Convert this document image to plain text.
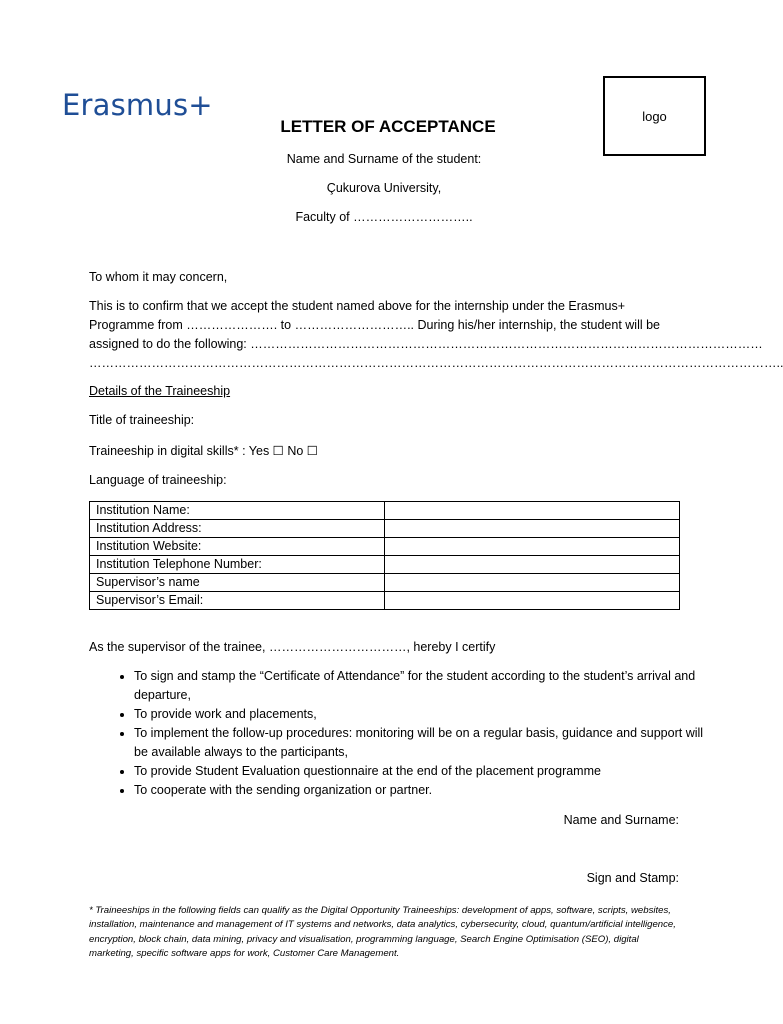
Erasmus+	logo
LETTER OF ACCEPTANCE
Name and Surname of the student:
Çukurova University,
Faculty of ………………………..
To whom it may concern,
This is to confirm that we accept the student named above for the internship under the Erasmus+
Programme from …………………. to ……………………….. During his/her internship, the student will be
assigned to do the following: ……………………………………………………………………………………………………………
…………………………………………………………………………………………………………………………………………………..
Details of the Traineeship
Title of traineeship:
Traineeship in digital skills* : Yes ☐ No ☐
Language of traineeship:
Institution Name:	
Institution Address:	
Institution Website:	
Institution Telephone Number:	
Supervisor’s name	
Supervisor’s Email:	
As the supervisor of the trainee, ……………………………, hereby I certify
• To sign and stamp the “Certificate of Attendance” for the student according to the student’s arrival and departure,
• To provide work and placements,
• To implement the follow-up procedures: monitoring will be on a regular basis, guidance and support will be available always to the participants,
• To provide Student Evaluation questionnaire at the end of the placement programme
• To cooperate with the sending organization or partner.
Name and Surname:
Sign and Stamp:
* Traineeships in the following fields can qualify as the Digital Opportunity Traineeships: development of apps, software, scripts, websites, installation, maintenance and management of IT systems and networks, data analytics, cybersecurity, cloud, quantum/artificial intelligence, encryption, block chain, data mining, privacy and visualisation, programming language, Search Engine Optimisation (SEO), digital marketing, specific software apps for work, Customer Care Management.
